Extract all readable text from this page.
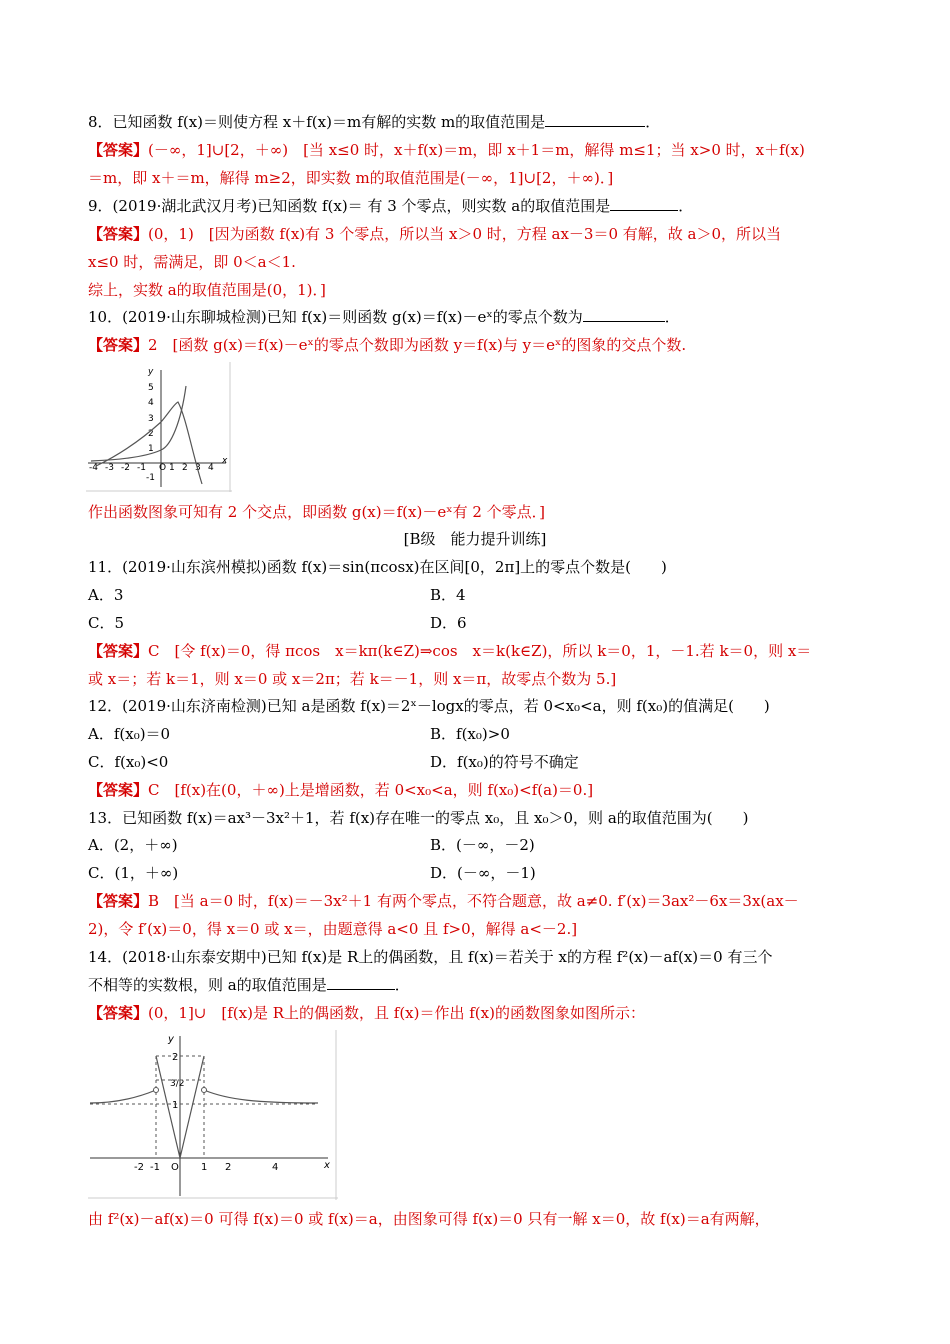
8．已知函数 f(x)＝则使方程 x＋f(x)＝m有解的实数 m的取值范围是	．
【答案】(－∞，1]∪[2，＋∞)　[当 x≤0 时，x＋f(x)＝m，即 x＋1＝m，解得 m≤1；当 x>0 时，x＋f(x)
＝m，即 x＋＝m，解得 m≥2，即实数 m的取值范围是(－∞，1]∪[2，＋∞)．]
9．(2019·湖北武汉月考)已知函数 f(x)＝ 有 3 个零点，则实数 a的取值范围是	．
【答案】(0，1)　[因为函数 f(x)有 3 个零点，所以当 x＞0 时，方程 ax－3＝0 有解，故 a＞0，所以当
x≤0 时，需满足，即 0＜a＜1.
综上，实数 a的取值范围是(0，1)．]
10．(2019·山东聊城检测)已知 f(x)＝则函数 g(x)＝f(x)－eˣ的零点个数为	．
【答案】2　[函数 g(x)＝f(x)－eˣ的零点个数即为函数 y＝f(x)与 y＝eˣ的图象的交点个数.
y
x
5
4
3
2
1
-4 -3 -2 -1 O 1 2 3 4
-1
作出函数图象可知有 2 个交点，即函数 g(x)＝f(x)－eˣ有 2 个零点．]
[B级　能力提升训练]
11．(2019·山东滨州模拟)函数 f(x)＝sin(πcosx)在区间[0，2π]上的零点个数是(　　)
A．3	B．4
C．5	D．6
【答案】C　[令 f(x)＝0，得 πcos　x＝kπ(k∈Z)⇒cos　x＝k(k∈Z)，所以 k＝0，1，－1.若 k＝0，则 x＝
或 x＝；若 k＝1，则 x＝0 或 x＝2π；若 k＝－1，则 x＝π，故零点个数为 5.]
12．(2019·山东济南检测)已知 a是函数 f(x)＝2ˣ－logx的零点，若 0<x₀<a，则 f(x₀)的值满足(　　)
A．f(x₀)＝0	B．f(x₀)>0
C．f(x₀)<0	D．f(x₀)的符号不确定
【答案】C　[f(x)在(0，＋∞)上是增函数，若 0<x₀<a，则 f(x₀)<f(a)＝0.]
13．已知函数 f(x)＝ax³－3x²＋1，若 f(x)存在唯一的零点 x₀，且 x₀＞0，则 a的取值范围为(　　)
A．(2，＋∞)	B．(－∞，－2)
C．(1，＋∞)	D．(－∞，－1)
【答案】B　[当 a＝0 时，f(x)＝－3x²＋1 有两个零点，不符合题意，故 a≠0. f′(x)＝3ax²－6x＝3x(ax－
2)，令 f′(x)＝0，得 x＝0 或 x＝，由题意得 a<0 且 f>0，解得 a<－2.]
14．(2018·山东泰安期中)已知 f(x)是 R上的偶函数，且 f(x)＝若关于 x的方程 f²(x)－af(x)＝0 有三个
不相等的实数根，则 a的取值范围是	．
【答案】(0，1]∪　[f(x)是 R上的偶函数，且 f(x)＝作出 f(x)的函数图象如图所示：
y
x
2
3/2
1
-2 -1 O 1 2	4
由 f²(x)－af(x)＝0 可得 f(x)＝0 或 f(x)＝a，由图象可得 f(x)＝0 只有一解 x＝0，故 f(x)＝a有两解，
